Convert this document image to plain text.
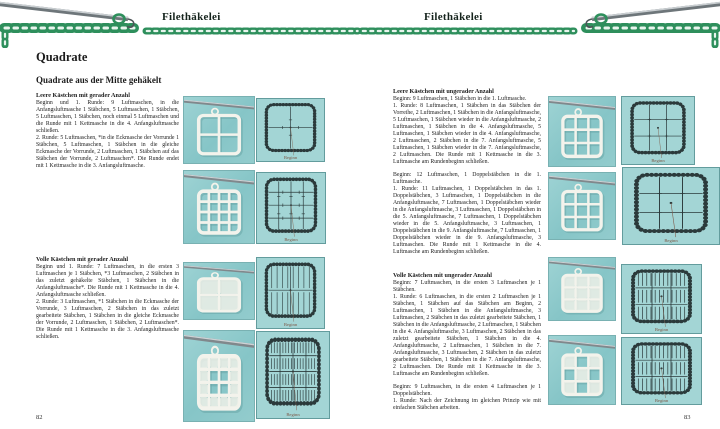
Filethäkelei	Filethäkelei
Quadrate
Quadrate aus der Mitte gehäkelt
Leere Kästchen mit gerader Anzahl

Beginn und 1. Runde: 9 Luftmaschen, in die Anfangsluftmasche 1 Stäbchen, 5 Luftmaschen, 1 Stäbchen, 5 Luftmaschen, 1 Stäbchen, noch einmal 5 Luftmaschen und die Runde mit 1 Kettmasche in die 4. Anfangsluftmasche schließen.

2. Runde: 5 Luftmaschen, *in die Eckmasche der Vorrunde 1 Stäbchen, 5 Luftmaschen, 1 Stäbchen in die gleiche Eckmasche der Vorrunde, 2 Luftmaschen, 1 Stäbchen auf das Stäbchen der Vorrunde, 2 Luftmaschen*. Die Runde endet mit 1 Kettmasche in die 3. Anfangsluftmasche.

Volle Kästchen mit gerader Anzahl

Beginn und 1. Runde: 7 Luftmaschen, in die ersten 3 Luftmaschen je 1 Stäbchen, *3 Luftmaschen, 2 Stäbchen in das zuletzt gehäkelte Stäbchen, 1 Stäbchen in die Anfangsluftmasche*. Die Runde mit 1 Kettmasche in die 4. Anfangsluftmasche schließen.

2. Runde: 3 Luftmaschen, *1 Stäbchen in die Eckmasche der Vorrunde, 3 Luftmaschen, 2 Stäbchen in das zuletzt gearbeitete Stäbchen, 1 Stäbchen in die gleiche Eckmasche der Vorrunde, 2 Luftmaschen, 1 Stäbchen, 2 Luftmaschen*. Die Runde mit 1 Kettmasche in die 3. Anfangsluftmasche schließen.

Beginn
Beginn
Beginn
Beginn
82
Leere Kästchen mit ungerader Anzahl

Beginn: 9 Luftmaschen, 1 Stäbchen in die 1. Luftmasche.

1. Runde: 8 Luftmaschen, 1 Stäbchen in das Stäbchen der Vorreihe, 2 Luftmaschen, 1 Stäbchen in die Anfangsluftmasche, 5 Luftmaschen, 1 Stäbchen wieder in die Anfangsluftmasche, 2 Luftmaschen, 1 Stäbchen in die 4. Anfangsluftmasche, 5 Luftmaschen, 1 Stäbchen wieder in die 4. Anfangsluftmasche, 2 Luftmaschen, 2 Stäbchen in die 7. Anfangsluftmasche, 5 Luftmaschen, 1 Stäbchen wieder in die 7. Anfangsluftmasche, 2 Luftmaschen. Die Runde mit 1 Kettmasche in die 3. Luftmasche am Rundenbeginn schließen.

Beginn: 12 Luftmaschen, 1 Doppelstäbchen in die 1. Luftmasche.

1. Runde: 11 Luftmaschen, 1 Doppelstäbchen in das 1. Doppelstäbchen, 3 Luftmaschen, 1 Doppelstäbchen in die Anfangsluftmasche, 7 Luftmaschen, 1 Doppelstäbchen wieder in die Anfangsluftmasche, 3 Luftmaschen, 1 Doppelstäbchen in die 5. Anfangsluftmasche, 7 Luftmaschen, 1 Doppelstäbchen wieder in die 5. Anfangsluftmasche, 3 Luftmaschen, 1 Doppelstäbchen in die 9. Anfangsluftmasche, 7 Luftmaschen, 1 Doppelstäbchen wieder in die 9. Anfangsluftmasche, 3 Luftmaschen. Die Runde mit 1 Kettmasche in die 4. Luftmasche am Rundenbeginn schließen.

Volle Kästchen mit ungerader Anzahl

Beginn: 7 Luftmaschen, in die ersten 3 Luftmaschen je 1 Stäbchen.

1. Runde: 6 Luftmaschen, in die ersten 2 Luftmaschen je 1 Stäbchen, 1 Stäbchen auf das Stäbchen am Beginn, 2 Luftmaschen, 1 Stäbchen in die Anfangsluftmasche, 3 Luftmaschen, 2 Stäbchen in das zuletzt gearbeitete Stäbchen, 1 Stäbchen in die Anfangsluftmasche, 2 Luftmaschen, 1 Stäbchen in die 4. Anfangsluftmasche, 3 Luftmaschen, 2 Stäbchen in das zuletzt gearbeitete Stäbchen, 1 Stäbchen in die 4. Anfangsluftmasche, 2 Luftmaschen, 1 Stäbchen in die 7. Anfangsluftmasche, 3 Luftmaschen, 2 Stäbchen in das zuletzt gearbeitete Stäbchen, 1 Stäbchen in die 7. Anfangsluftmasche, 2 Luftmaschen. Die Runde mit 1 Kettmasche in die 3. Luftmasche am Rundenbeginn schließen.

Beginn: 9 Luftmaschen, in die ersten 4 Luftmaschen je 1 Doppelstäbchen.

1. Runde: Nach der Zeichnung im gleichen Prinzip wie mit einfachen Stäbchen arbeiten.

Beginn
Beginn
Beginn
Beginn
83
